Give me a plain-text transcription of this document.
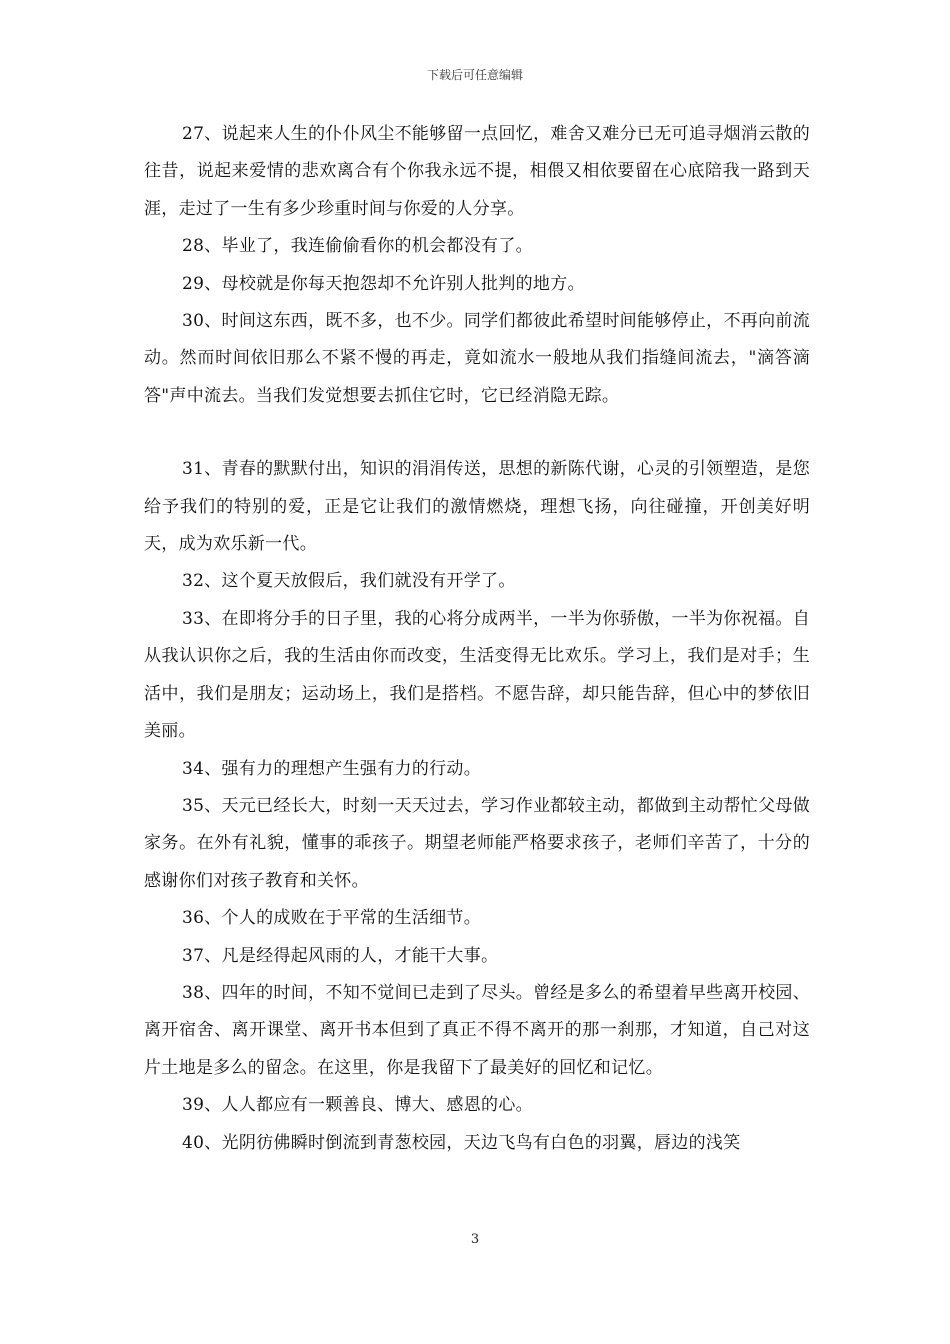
下载后可任意编辑

27、说起来人生的仆仆风尘不能够留一点回忆，难舍又难分已无可追寻烟消云散的往昔，说起来爱情的悲欢离合有个你我永远不提，相偎又相依要留在心底陪我一路到天涯，走过了一生有多少珍重时间与你爱的人分享。

28、毕业了，我连偷偷看你的机会都没有了。

29、母校就是你每天抱怨却不允许别人批判的地方。

30、时间这东西，既不多，也不少。同学们都彼此希望时间能够停止，不再向前流动。然而时间依旧那么不紧不慢的再走，竟如流水一般地从我们指缝间流去，"滴答滴答"声中流去。当我们发觉想要去抓住它时，它已经消隐无踪。

31、青春的默默付出，知识的涓涓传送，思想的新陈代谢，心灵的引领塑造，是您给予我们的特别的爱，正是它让我们的激情燃烧，理想飞扬，向往碰撞，开创美好明天，成为欢乐新一代。

32、这个夏天放假后，我们就没有开学了。

33、在即将分手的日子里，我的心将分成两半，一半为你骄傲，一半为你祝福。自从我认识你之后，我的生活由你而改变，生活变得无比欢乐。学习上，我们是对手；生活中，我们是朋友；运动场上，我们是搭档。不愿告辞，却只能告辞，但心中的梦依旧美丽。

34、强有力的理想产生强有力的行动。

35、天元已经长大，时刻一天天过去，学习作业都较主动，都做到主动帮忙父母做家务。在外有礼貌，懂事的乖孩子。期望老师能严格要求孩子，老师们辛苦了，十分的感谢你们对孩子教育和关怀。

36、个人的成败在于平常的生活细节。

37、凡是经得起风雨的人，才能干大事。

38、四年的时间，不知不觉间已走到了尽头。曾经是多么的希望着早些离开校园、离开宿舍、离开课堂、离开书本但到了真正不得不离开的那一刹那，才知道，自己对这片土地是多么的留念。在这里，你是我留下了最美好的回忆和记忆。

39、人人都应有一颗善良、博大、感恩的心。

40、光阴彷佛瞬时倒流到青葱校园，天边飞鸟有白色的羽翼，唇边的浅笑

3
